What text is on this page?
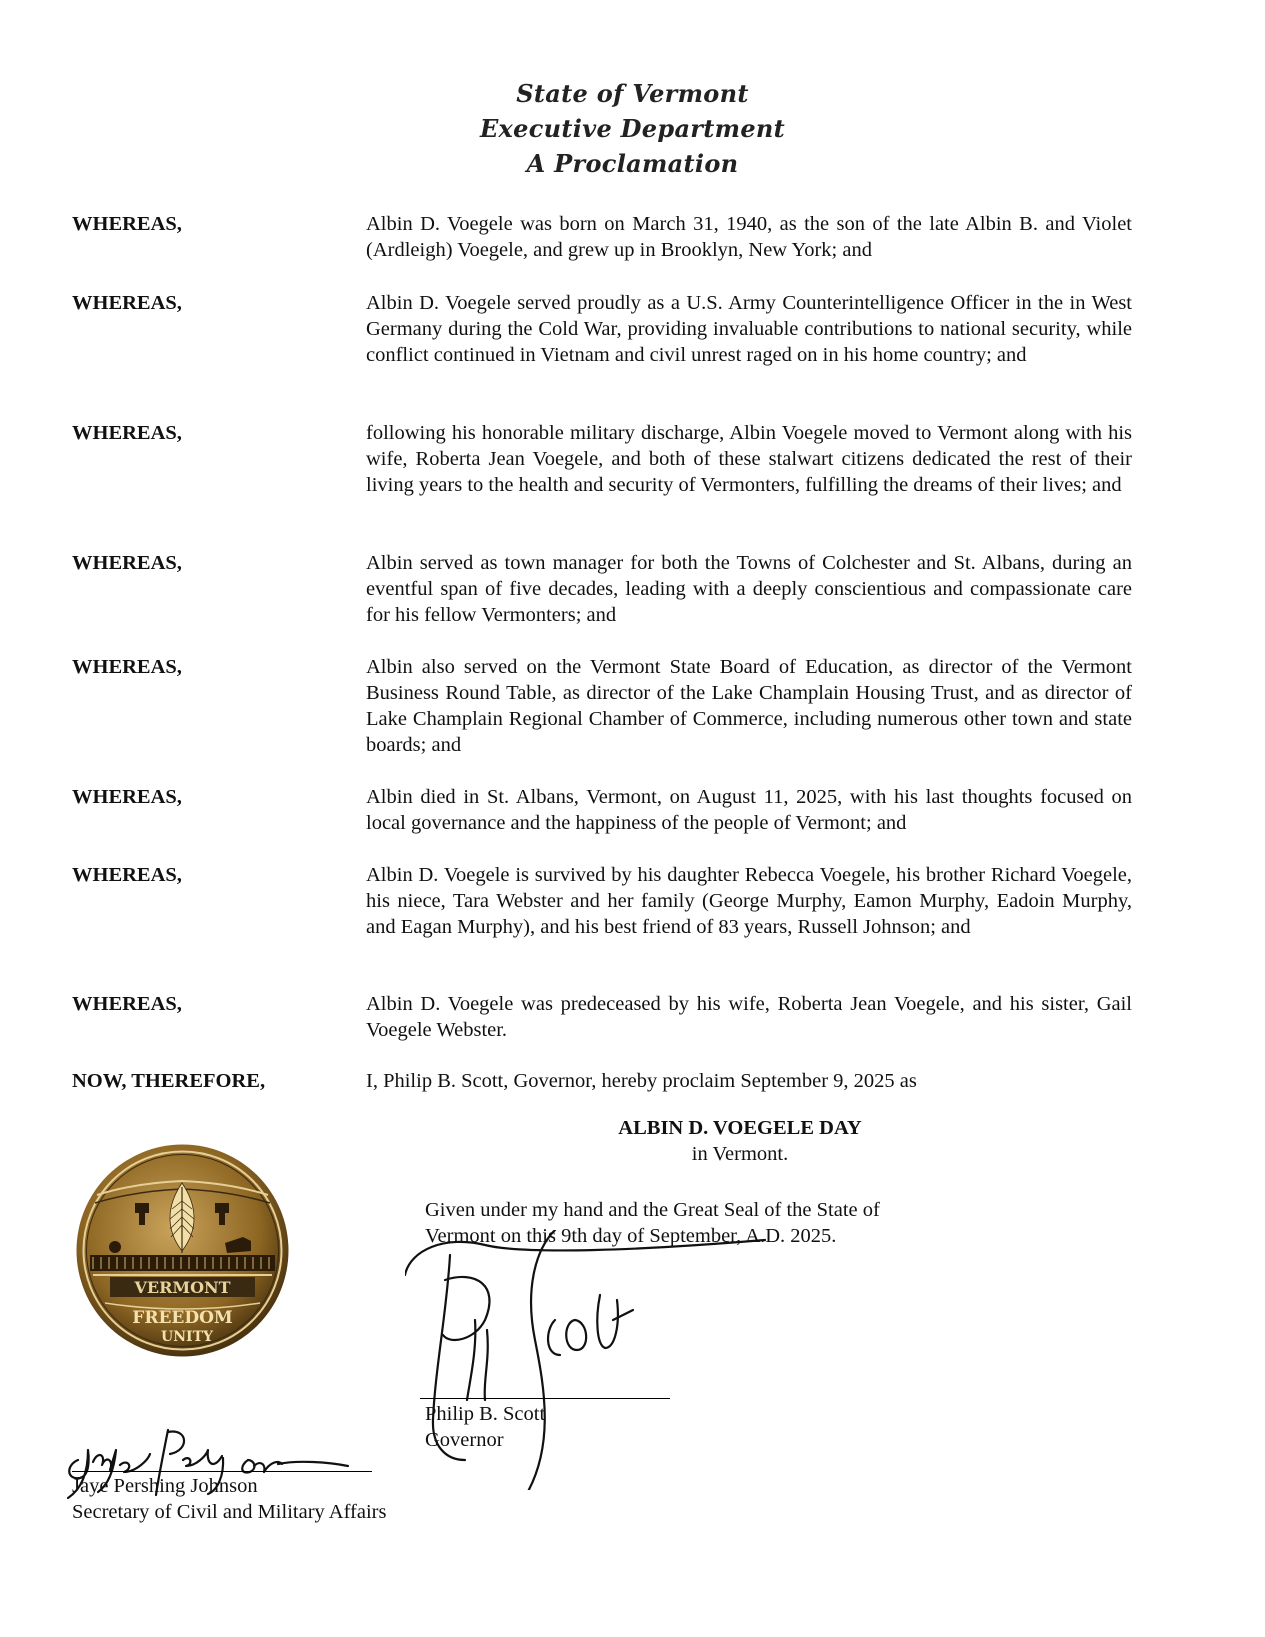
State of Vermont
Executive Department
A Proclamation
WHEREAS,	Albin D. Voegele was born on March 31, 1940, as the son of the late Albin B. and Violet (Ardleigh) Voegele, and grew up in Brooklyn, New York; and
WHEREAS,	Albin D. Voegele served proudly as a U.S. Army Counterintelligence Officer in the in West Germany during the Cold War, providing invaluable contributions to national security, while conflict continued in Vietnam and civil unrest raged on in his home country; and
WHEREAS,	following his honorable military discharge, Albin Voegele moved to Vermont along with his wife, Roberta Jean Voegele, and both of these stalwart citizens dedicated the rest of their living years to the health and security of Vermonters, fulfilling the dreams of their lives; and
WHEREAS,	Albin served as town manager for both the Towns of Colchester and St. Albans, during an eventful span of five decades, leading with a deeply conscientious and compassionate care for his fellow Vermonters; and
WHEREAS,	Albin also served on the Vermont State Board of Education, as director of the Vermont Business Round Table, as director of the Lake Champlain Housing Trust, and as director of Lake Champlain Regional Chamber of Commerce, including numerous other town and state boards; and
WHEREAS,	Albin died in St. Albans, Vermont, on August 11, 2025, with his last thoughts focused on local governance and the happiness of the people of Vermont; and
WHEREAS,	Albin D. Voegele is survived by his daughter Rebecca Voegele, his brother Richard Voegele, his niece, Tara Webster and her family (George Murphy, Eamon Murphy, Eadoin Murphy, and Eagan Murphy), and his best friend of 83 years, Russell Johnson; and
WHEREAS,	Albin D. Voegele was predeceased by his wife, Roberta Jean Voegele, and his sister, Gail Voegele Webster.
NOW, THEREFORE,	I, Philip B. Scott, Governor, hereby proclaim September 9, 2025 as
ALBIN D. VOEGELE DAY
in Vermont.
VERMONT
FREEDOM
UNITY
Given under my hand and the Great Seal of the State of
Vermont on this 9th day of September, A.D. 2025.
Philip B. Scott
Governor
Jaye Pershing Johnson
Secretary of Civil and Military Affairs
